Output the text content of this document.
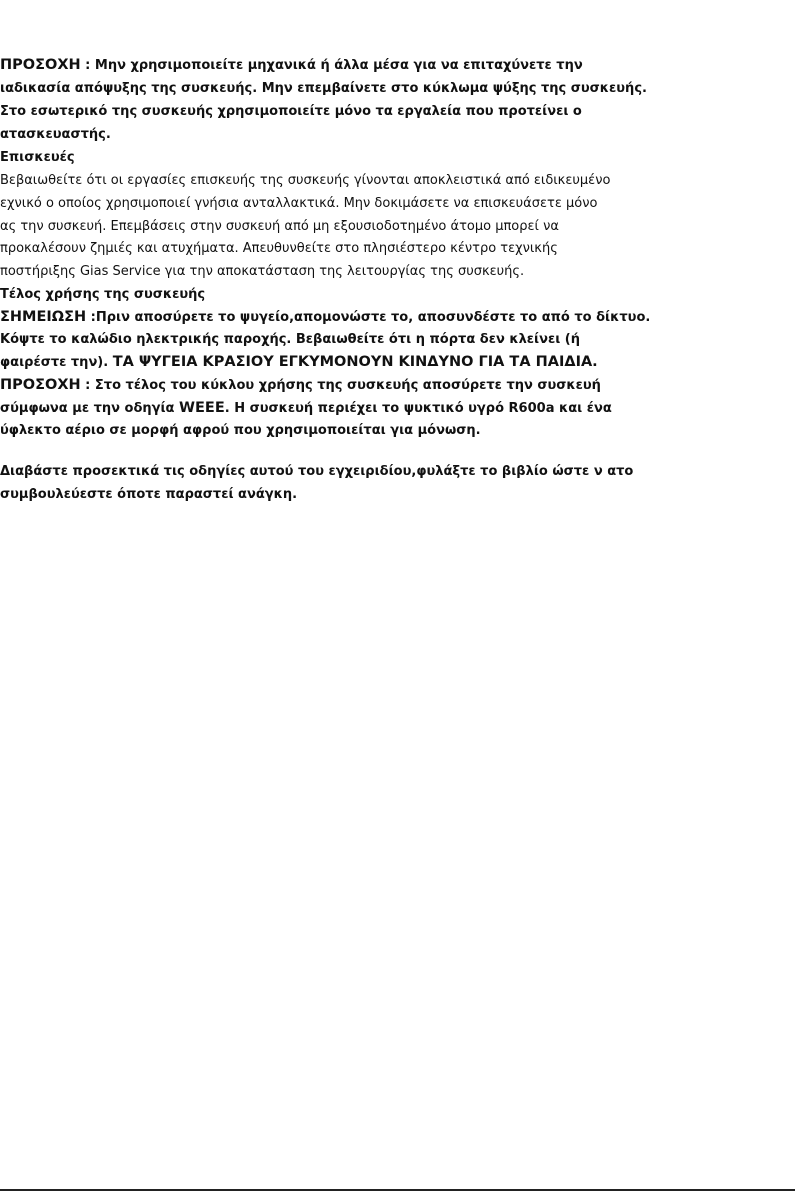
ΠΡΟΣΟΧΗ : Μην χρησιμοποιείτε μηχανικά ή άλλα μέσα για να επιταχύνετε την
ιαδικασία απόψυξης της συσκευής. Μην επεμβαίνετε στο κύκλωμα ψύξης της συσκευής.
Στο εσωτερικό της συσκευής χρησιμοποιείτε μόνο τα εργαλεία που προτείνει ο
ατασκευαστής.
Επισκευές
Βεβαιωθείτε ότι οι εργασίες επισκευής της συσκευής γίνονται αποκλειστικά από ειδικευμένο
εχνικό ο οποίος χρησιμοποιεί γνήσια ανταλλακτικά. Μην δοκιμάσετε να επισκευάσετε μόνο
ας την συσκευή. Επεμβάσεις στην συσκευή από μη εξουσιοδοτημένο άτομο μπορεί να
προκαλέσουν ζημιές και ατυχήματα. Απευθυνθείτε στο πλησιέστερο κέντρο τεχνικής
ποστήριξης Gias Service για την αποκατάσταση της λειτουργίας της συσκευής.
Τέλος χρήσης της συσκευής
ΣΗΜΕΙΩΣΗ :Πριν αποσύρετε το ψυγείο,απομονώστε το, αποσυνδέστε το από το δίκτυο.
Κόψτε το καλώδιο ηλεκτρικής παροχής. Βεβαιωθείτε ότι η πόρτα δεν κλείνει (ή
φαιρέστε την). ΤΑ ΨΥΓΕΙΑ ΚΡΑΣΙΟΥ ΕΓΚΥΜΟΝΟΥΝ ΚΙΝΔΥΝΟ ΓΙΑ ΤΑ ΠΑΙΔΙΑ.
ΠΡΟΣΟΧΗ : Στο τέλος του κύκλου χρήσης της συσκευής αποσύρετε την συσκευή
σύμφωνα με την οδηγία WEEE. Η συσκευή περιέχει το ψυκτικό υγρό R600a και ένα
ύφλεκτο αέριο σε μορφή αφρού που χρησιμοποιείται για μόνωση.
Διαβάστε προσεκτικά τις οδηγίες αυτού του εγχειριδίου,φυλάξτε το βιβλίο ώστε ν ατο
συμβουλεύεστε όποτε παραστεί ανάγκη.
